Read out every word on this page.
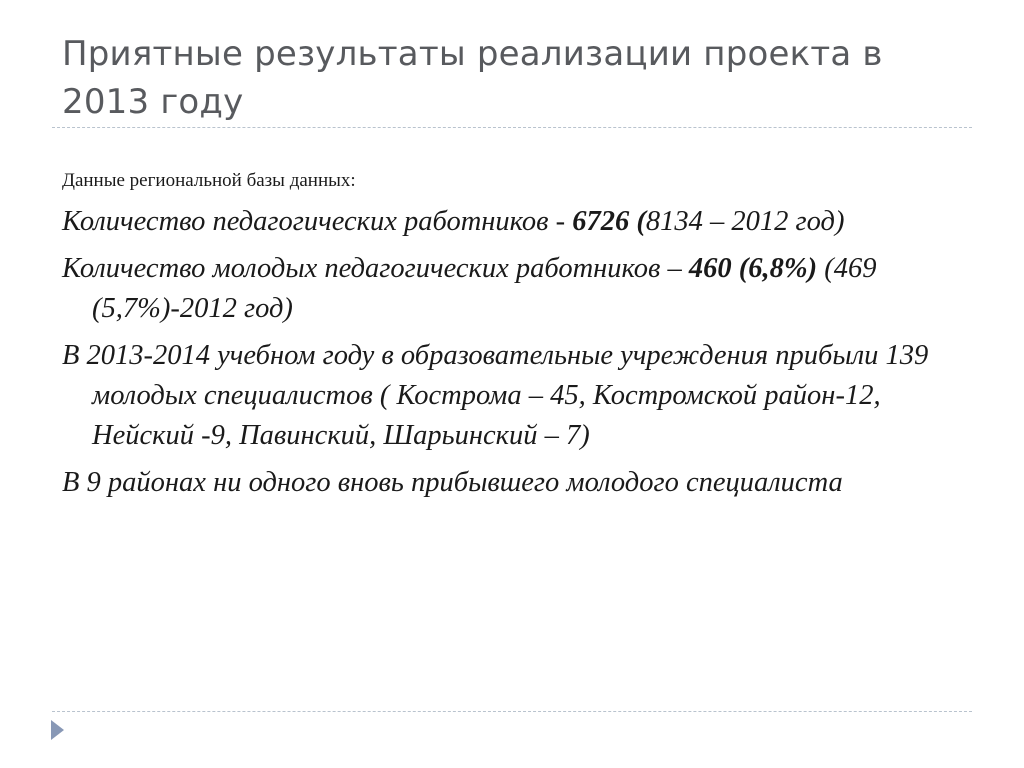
Приятные результаты реализации проекта в 2013 году

Данные региональной базы данных:

Количество педагогических работников - 6726 (8134 – 2012 год)

Количество молодых педагогических работников – 460 (6,8%) (469 (5,7%)-2012 год)

В 2013-2014 учебном году в образовательные учреждения прибыли 139 молодых специалистов ( Кострома – 45, Костромской район-12, Нейский -9, Павинский, Шарьинский – 7)

В 9 районах ни одного вновь прибывшего молодого специалиста
